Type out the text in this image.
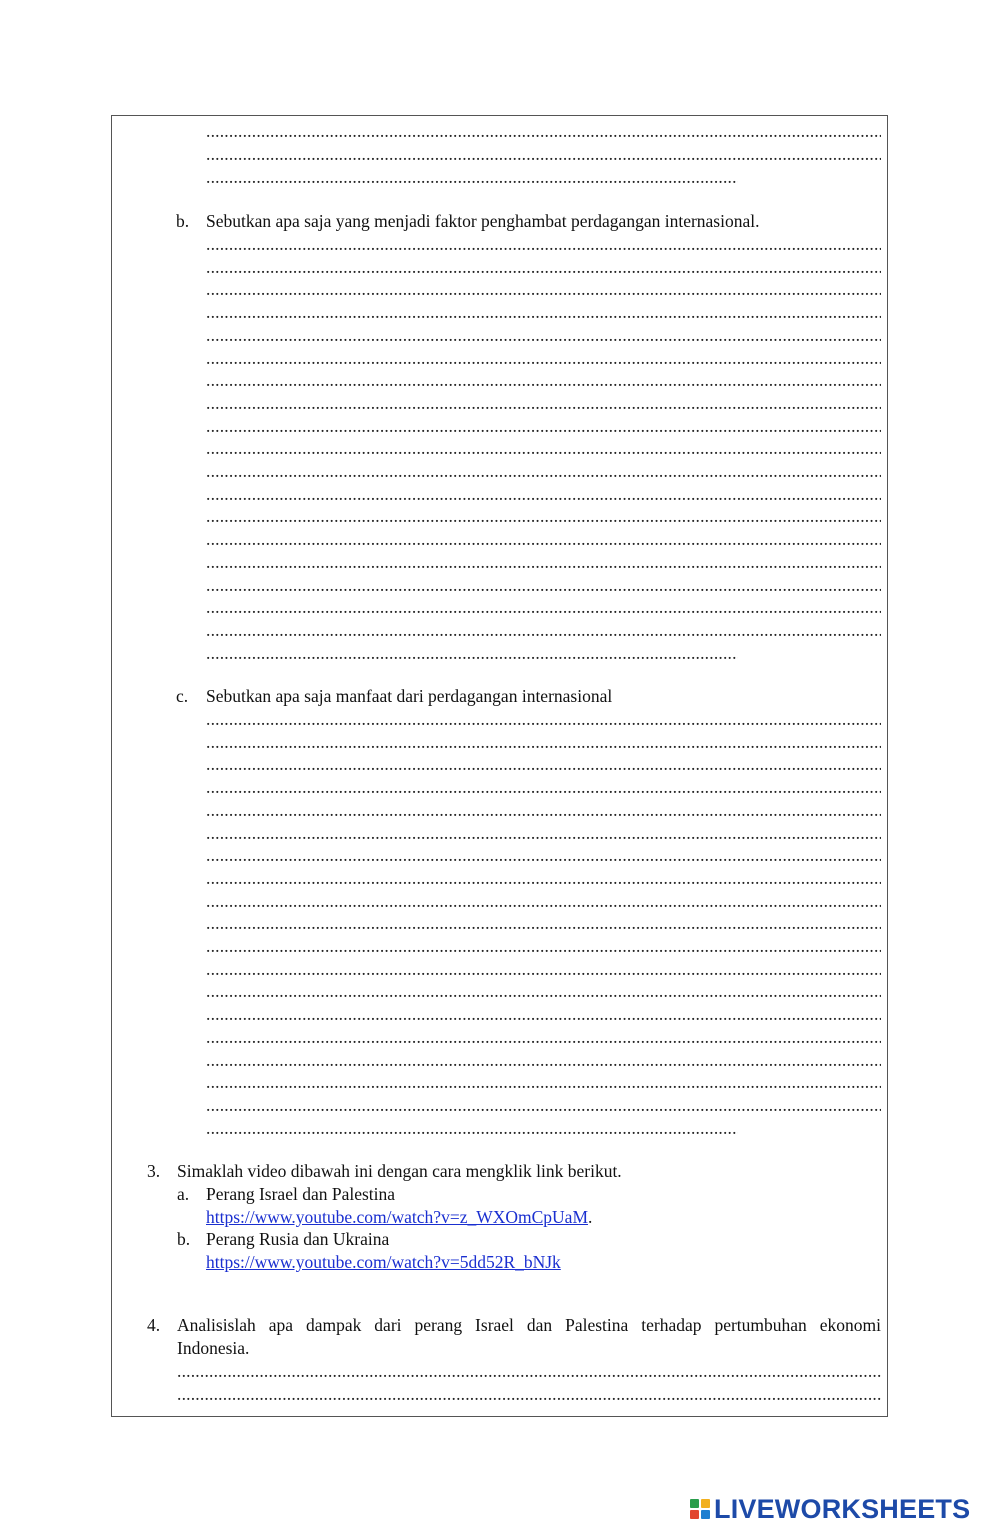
.....
.....
.....
b. Sebutkan apa saja yang menjadi faktor penghambat perdagangan internasional.
.....
.....
.....
.....
.....
.....
.....
.....
.....
.....
.....
.....
.....
.....
.....
.....
.....
.....
.....
c. Sebutkan apa saja manfaat dari perdagangan internasional
.....
.....
.....
.....
.....
.....
.....
.....
.....
.....
.....
.....
.....
.....
.....
.....
.....
.....
.....
3. Simaklah video dibawah ini dengan cara mengklik link berikut.
a. Perang Israel dan Palestina
https://www.youtube.com/watch?v=z_WXOmCpUaM.
b. Perang Rusia dan Ukraina
https://www.youtube.com/watch?v=5dd52R_bNJk
4. Analisislah apa dampak dari perang Israel dan Palestina terhadap pertumbuhan ekonomi
Indonesia.
.....
.....
LIVEWORKSHEETS
